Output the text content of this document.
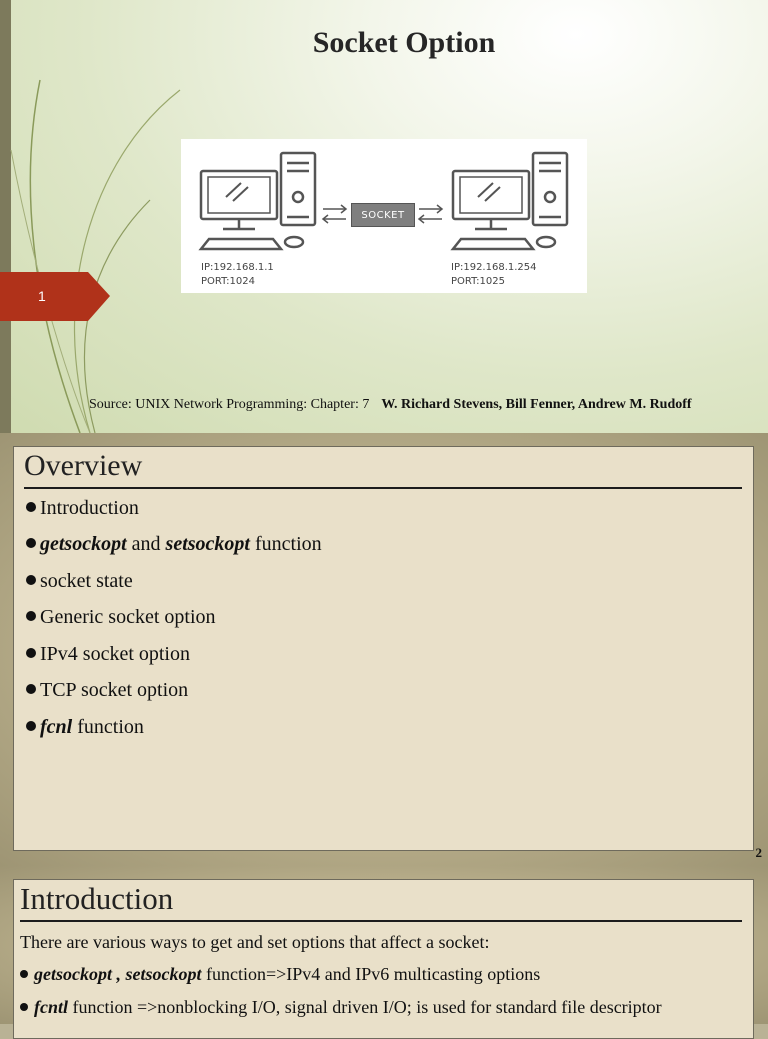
Socket Option
SOCKET
IP:192.168.1.1
PORT:1024
IP:192.168.1.254
PORT:1025
1
Source: UNIX Network Programming: Chapter: 7 W. Richard Stevens, Bill Fenner, Andrew M. Rudoff
Overview
Introduction
getsockopt and setsockopt function
socket state
Generic socket option
IPv4 socket option
TCP socket option
fcnl function
2
Introduction
There are various ways to get and set options that affect a socket:
getsockopt , setsockopt function=>IPv4 and IPv6 multicasting options
fcntl function =>nonblocking I/O, signal driven I/O; is used for standard file descriptor
